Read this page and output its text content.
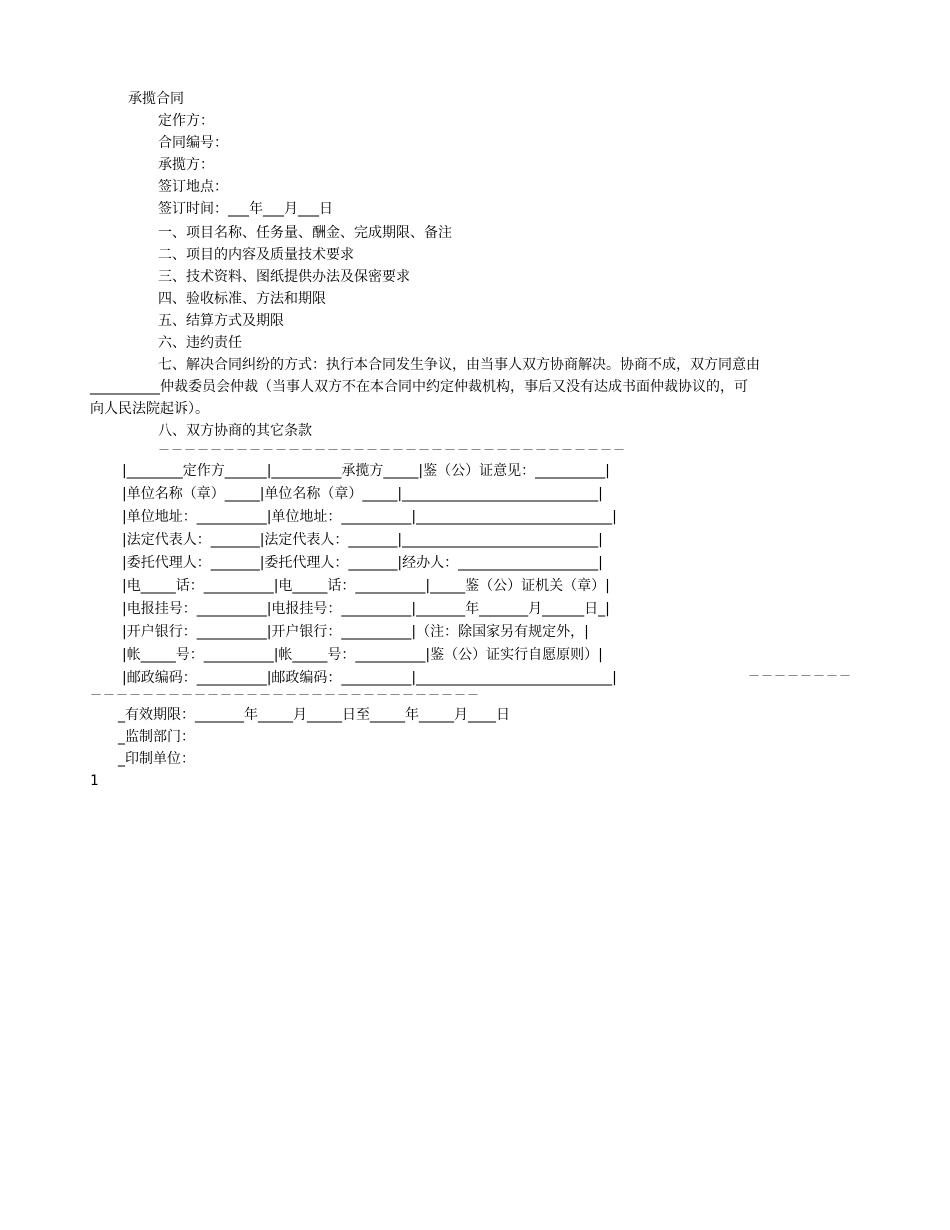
承揽合同
定作方：
合同编号：
承揽方：
签订地点：
签订时间：___年___月___日
一、项目名称、任务量、酬金、完成期限、备注
二、项目的内容及质量技术要求
三、技术资料、图纸提供办法及保密要求
四、验收标准、方法和期限
五、结算方式及期限
六、违约责任
七、解决合同纠纷的方式：执行本合同发生争议，由当事人双方协商解决。协商不成，双方同意由
__________仲裁委员会仲裁（当事人双方不在本合同中约定仲裁机构，事后又没有达成书面仲裁协议的，可
向人民法院起诉）。
八、双方协商的其它条款
－－－－－－－－－－－－－－－－－－－－－－－－－－－－－－－－－－－－
|________定作方______|__________承揽方_____|鉴（公）证意见：__________|
|单位名称（章）_____|单位名称（章）_____|____________________________|
|单位地址：__________|单位地址：__________|____________________________|
|法定代表人：_______|法定代表人：_______|____________________________|
|委托代理人：_______|委托代理人：_______|经办人：____________________|
|电_____话：__________|电_____话：__________|_____鉴（公）证机关（章）|
|电报挂号：__________|电报挂号：__________|_______年_______月______日_|
|开户银行：__________|开户银行：__________|（注：除国家另有规定外，|
|帐_____号：__________|帐_____号：__________|鉴（公）证实行自愿原则）|
|邮政编码：__________|邮政编码：__________|____________________________|	－－－－－－－－
－－－－－－－－－－－－－－－－－－－－－－－－－－－－－－
_有效期限：_______年_____月_____日至_____年_____月____日
_监制部门：
_印制单位：
1
